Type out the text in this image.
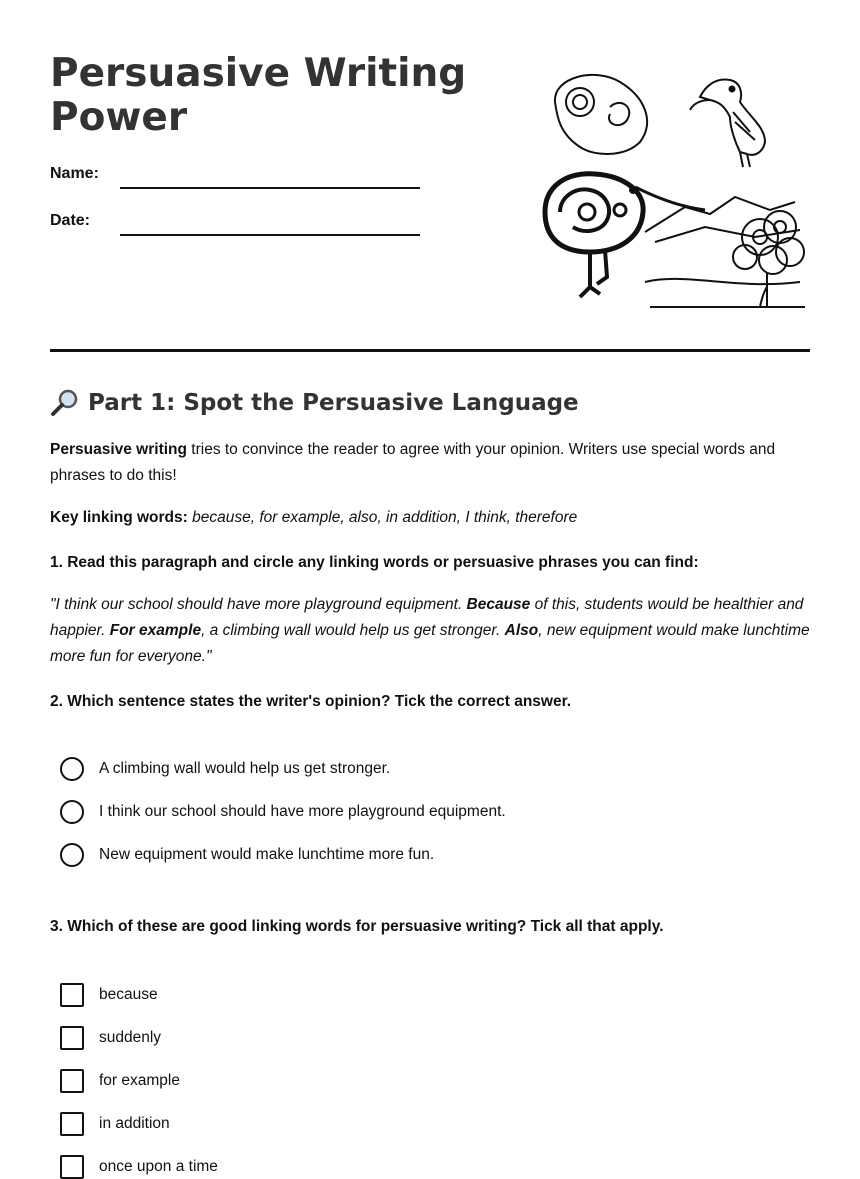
Persuasive Writing Power
Name:
Date:
Part 1: Spot the Persuasive Language
Persuasive writing tries to convince the reader to agree with your opinion. Writers use special words and phrases to do this!
Key linking words: because, for example, also, in addition, I think, therefore
1. Read this paragraph and circle any linking words or persuasive phrases you can find:
"I think our school should have more playground equipment. Because of this, students would be healthier and happier. For example, a climbing wall would help us get stronger. Also, new equipment would make lunchtime more fun for everyone."
2. Which sentence states the writer's opinion? Tick the correct answer.
A climbing wall would help us get stronger.
I think our school should have more playground equipment.
New equipment would make lunchtime more fun.
3. Which of these are good linking words for persuasive writing? Tick all that apply.
because
suddenly
for example
in addition
once upon a time
